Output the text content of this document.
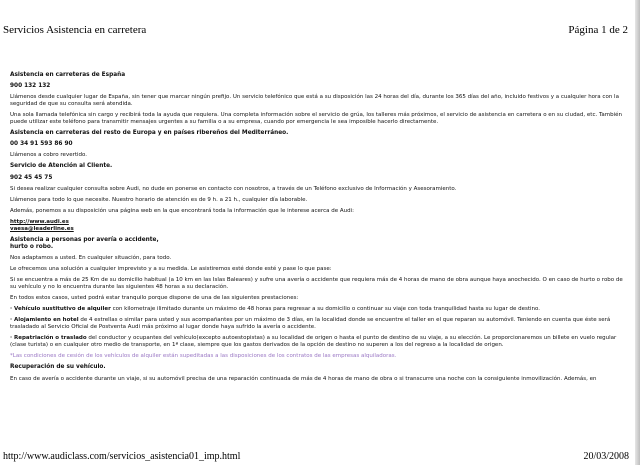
Servicios Asistencia en carretera	Página 1 de 2

Asistencia en carreteras de España

900 132 132

Llámenos desde cualquier lugar de España, sin tener que marcar ningún prefijo. Un servicio telefónico que está a su disposición las 24 horas del día, durante los 365 días del año, incluido festivos y a cualquier hora con la seguridad de que su consulta será atendida.

Una sola llamada telefónica sin cargo y recibirá toda la ayuda que requiera. Una completa información sobre el servicio de grúa, los talleres más próximos, el servicio de asistencia en carretera o en su ciudad, etc. También puede utilizar este teléfono para transmitir mensajes urgentes a su familia o a su empresa, cuando por emergencia le sea imposible hacerlo directamente.

Asistencia en carreteras del resto de Europa y en países ribereños del Mediterráneo.

00 34 91 593 86 90

Llámenos a cobro revertido.

Servicio de Atención al Cliente.

902 45 45 75

Si desea realizar cualquier consulta sobre Audi, no dude en ponerse en contacto con nosotros, a través de un Teléfono exclusivo de Información y Asesoramiento.

Llámenos para todo lo que necesite. Nuestro horario de atención es de 9 h. a 21 h., cualquier día laborable.

Además, ponemos a su disposición una página web en la que encontrará toda la información que le interese acerca de Audi:

http://www.audi.es
vaesa@leaderline.es

Asistencia a personas por avería o accidente,
hurto o robo.

Nos adaptamos a usted. En cualquier situación, para todo.

Le ofrecemos una solución a cualquier imprevisto y a su medida. Le asistiremos esté donde esté y pase lo que pase:

Si se encuentra a más de 25 Km de su domicilio habitual (a 10 km en las Islas Baleares) y sufre una avería o accidente que requiera más de 4 horas de mano de obra aunque haya anochecido. O en caso de hurto o robo de su vehículo y no lo encuentra durante las siguientes 48 horas a su declaración.

En todos estos casos, usted podrá estar tranquilo porque dispone de una de las siguientes prestaciones:

· Vehículo sustitutivo de alquiler con kilometraje ilimitado durante un máximo de 48 horas para regresar a su domicilio o continuar su viaje con toda tranquilidad hasta su lugar de destino.

· Alojamiento en hotel de 4 estrellas o similar para usted y sus acompañantes por un máximo de 3 días, en la localidad donde se encuentre el taller en el que reparan su automóvil. Teniendo en cuenta que éste será trasladado al Servicio Oficial de Postventa Audi más próximo al lugar donde haya sufrido la avería o accidente.

· Repatriación o traslado del conductor y ocupantes del vehículo(excepto autoestopistas) a su localidad de origen o hasta el punto de destino de su viaje, a su elección. Le proporcionaremos un billete en vuelo regular (clase turista) o en cualquier otro medio de transporte, en 1ª clase, siempre que los gastos derivados de la opción de destino no superen a los del regreso a la localidad de origen.

*Las condiciones de cesión de los vehículos de alquiler están supeditadas a las disposiciones de los contratos de las empresas alquiladoras.

Recuperación de su vehículo.

En caso de avería o accidente durante un viaje, si su automóvil precisa de una reparación continuada de más de 4 horas de mano de obra o si transcurre una noche con la consiguiente inmovilización. Además, en

http://www.audiclass.com/servicios_asistencia01_imp.html	20/03/2008
